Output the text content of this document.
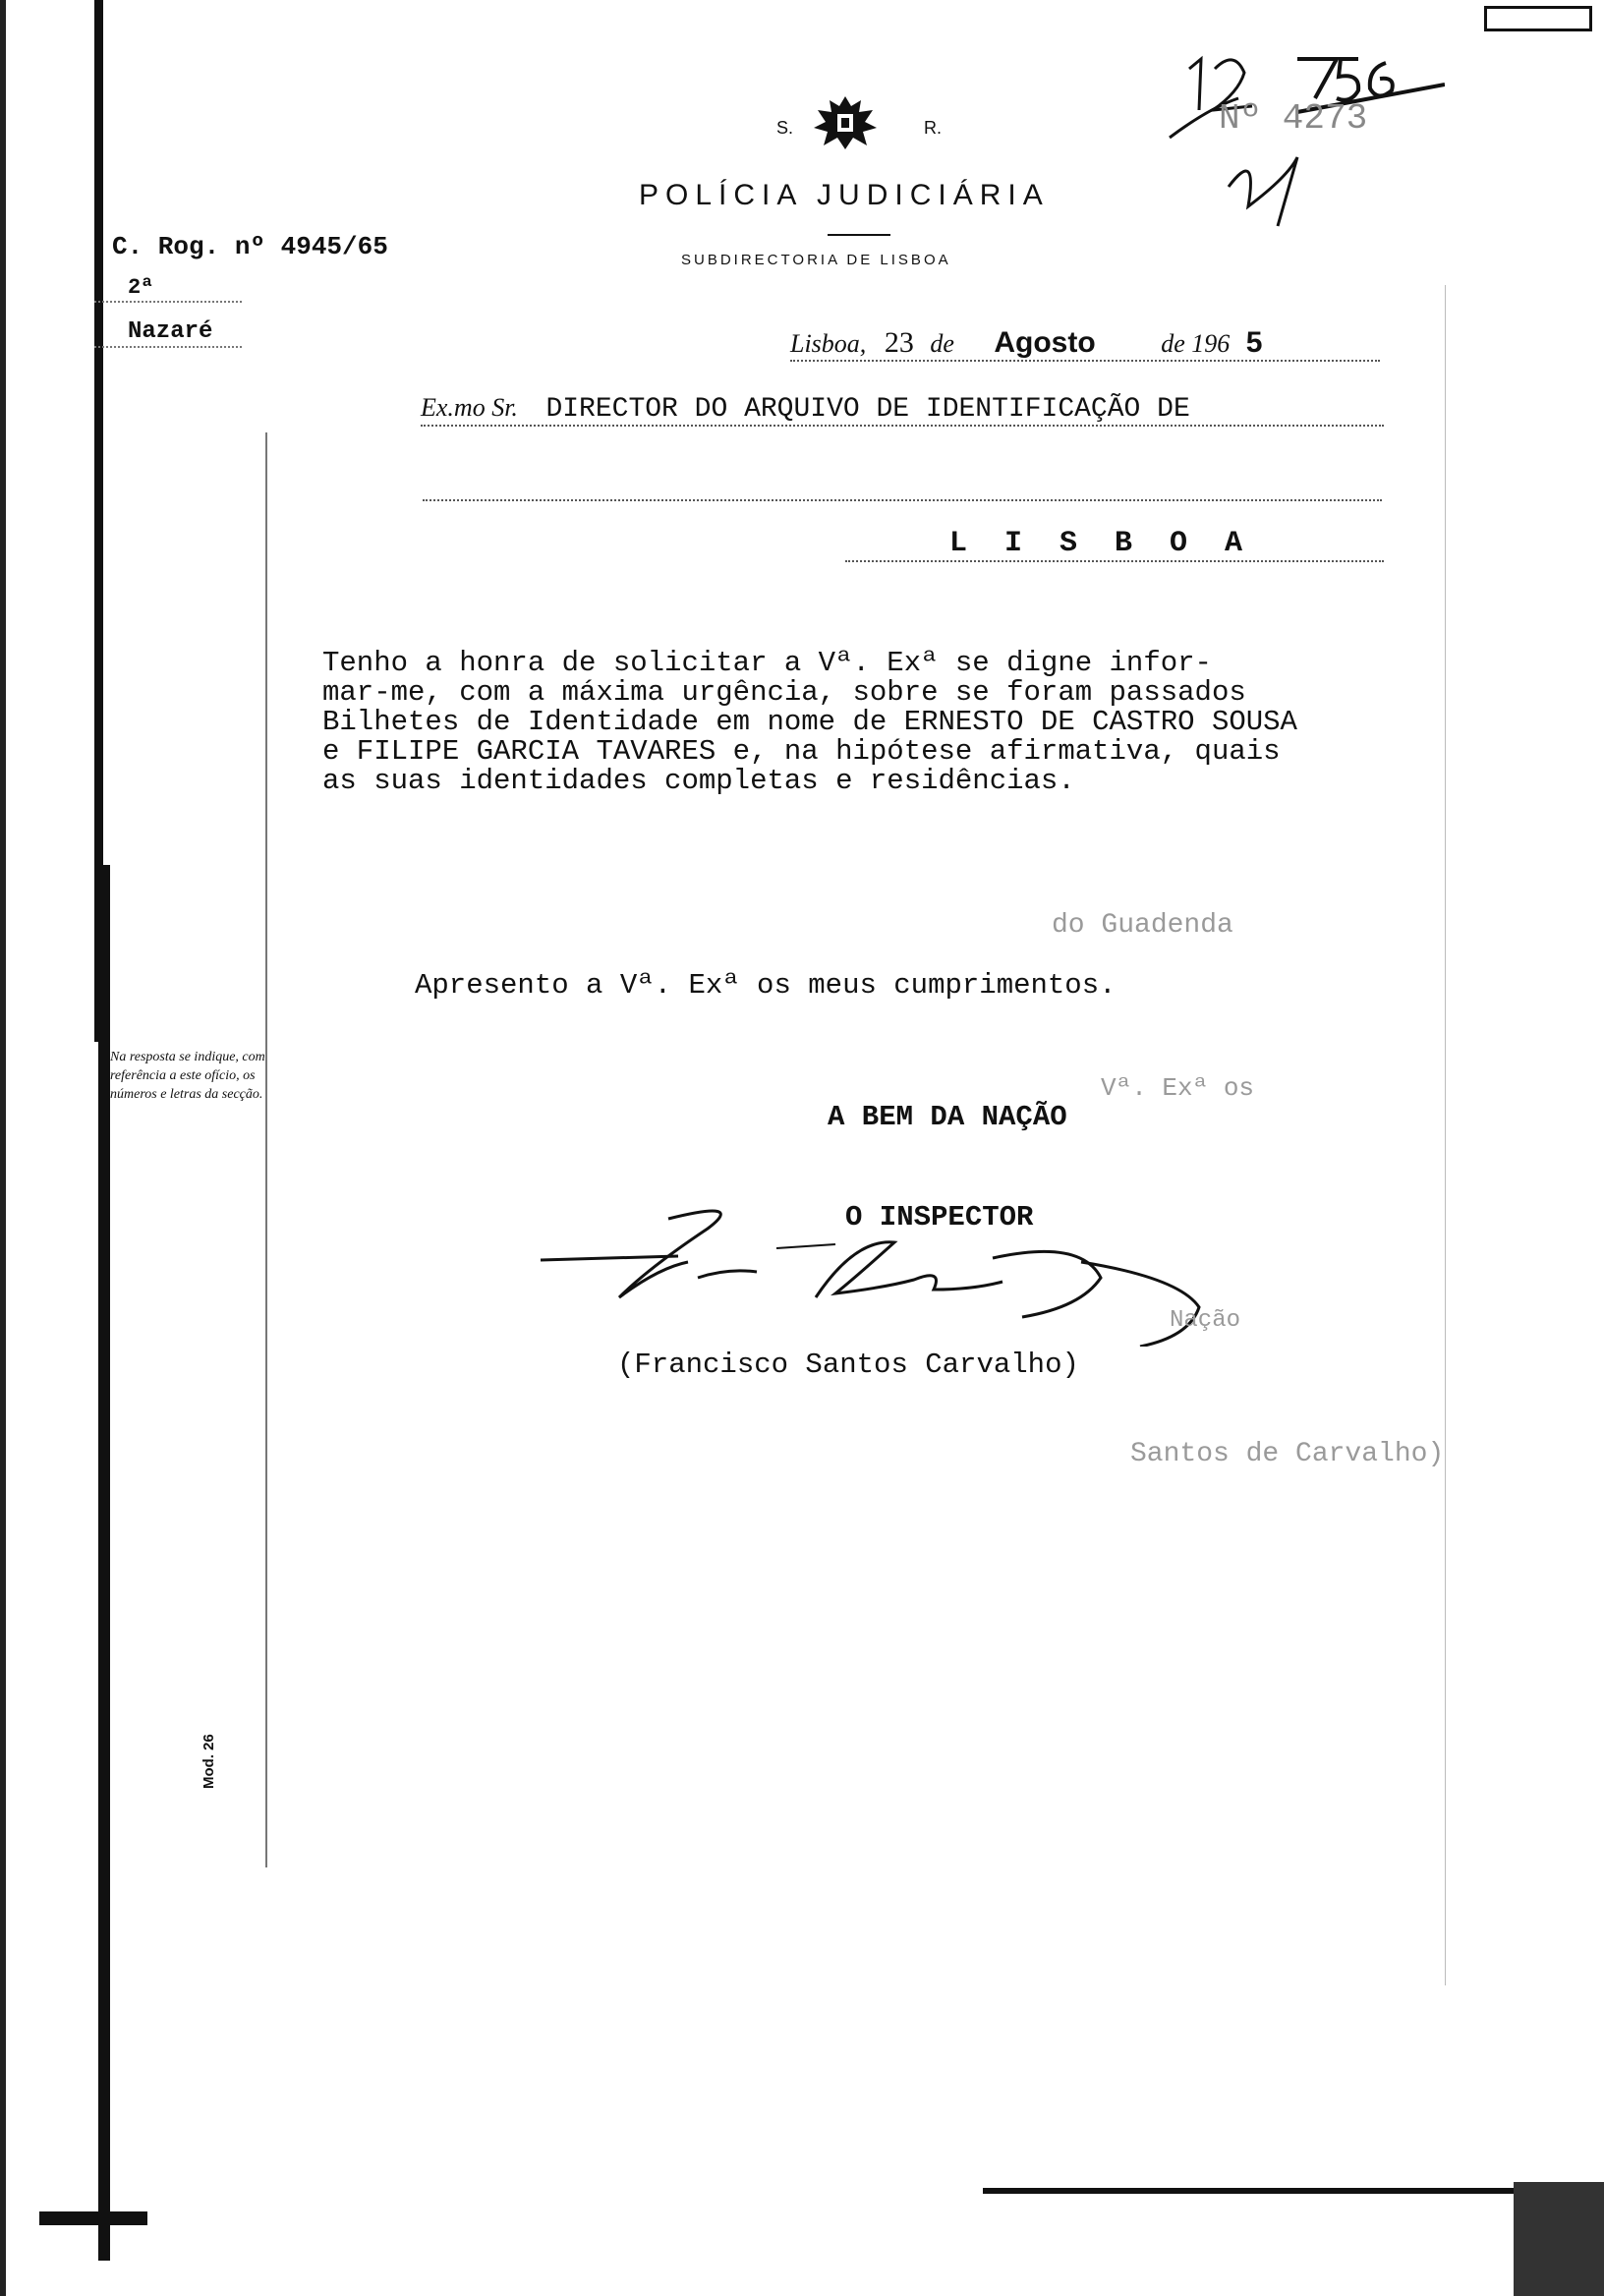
S.	R.
POLÍCIA JUDICIÁRIA
SUBDIRECTORIA DE LISBOA
C. Rog. nº 4945/65
2ª
Nazaré
Nº 4273
Lisboa, 23 de Agosto	de 196 5
Ex.mo Sr. DIRECTOR DO ARQUIVO DE IDENTIFICAÇÃO DE
L I S B O A
Tenho a honra de solicitar a Vª. Exª se digne infor-
mar-me, com a máxima urgência, sobre se foram passados
Bilhetes de Identidade em nome de ERNESTO DE CASTRO SOUSA
e FILIPE GARCIA TAVARES e, na hipótese afirmativa, quais
as suas identidades completas e residências.
do Guadenda
Apresento a Vª. Exª os meus cumprimentos.
Vª. Exª os
A BEM DA NAÇÃO
O INSPECTOR
Nação
(Francisco Santos Carvalho)
Santos de Carvalho)
Na resposta se indique, com referência a este ofício, os números e letras da secção.
Mod. 26
